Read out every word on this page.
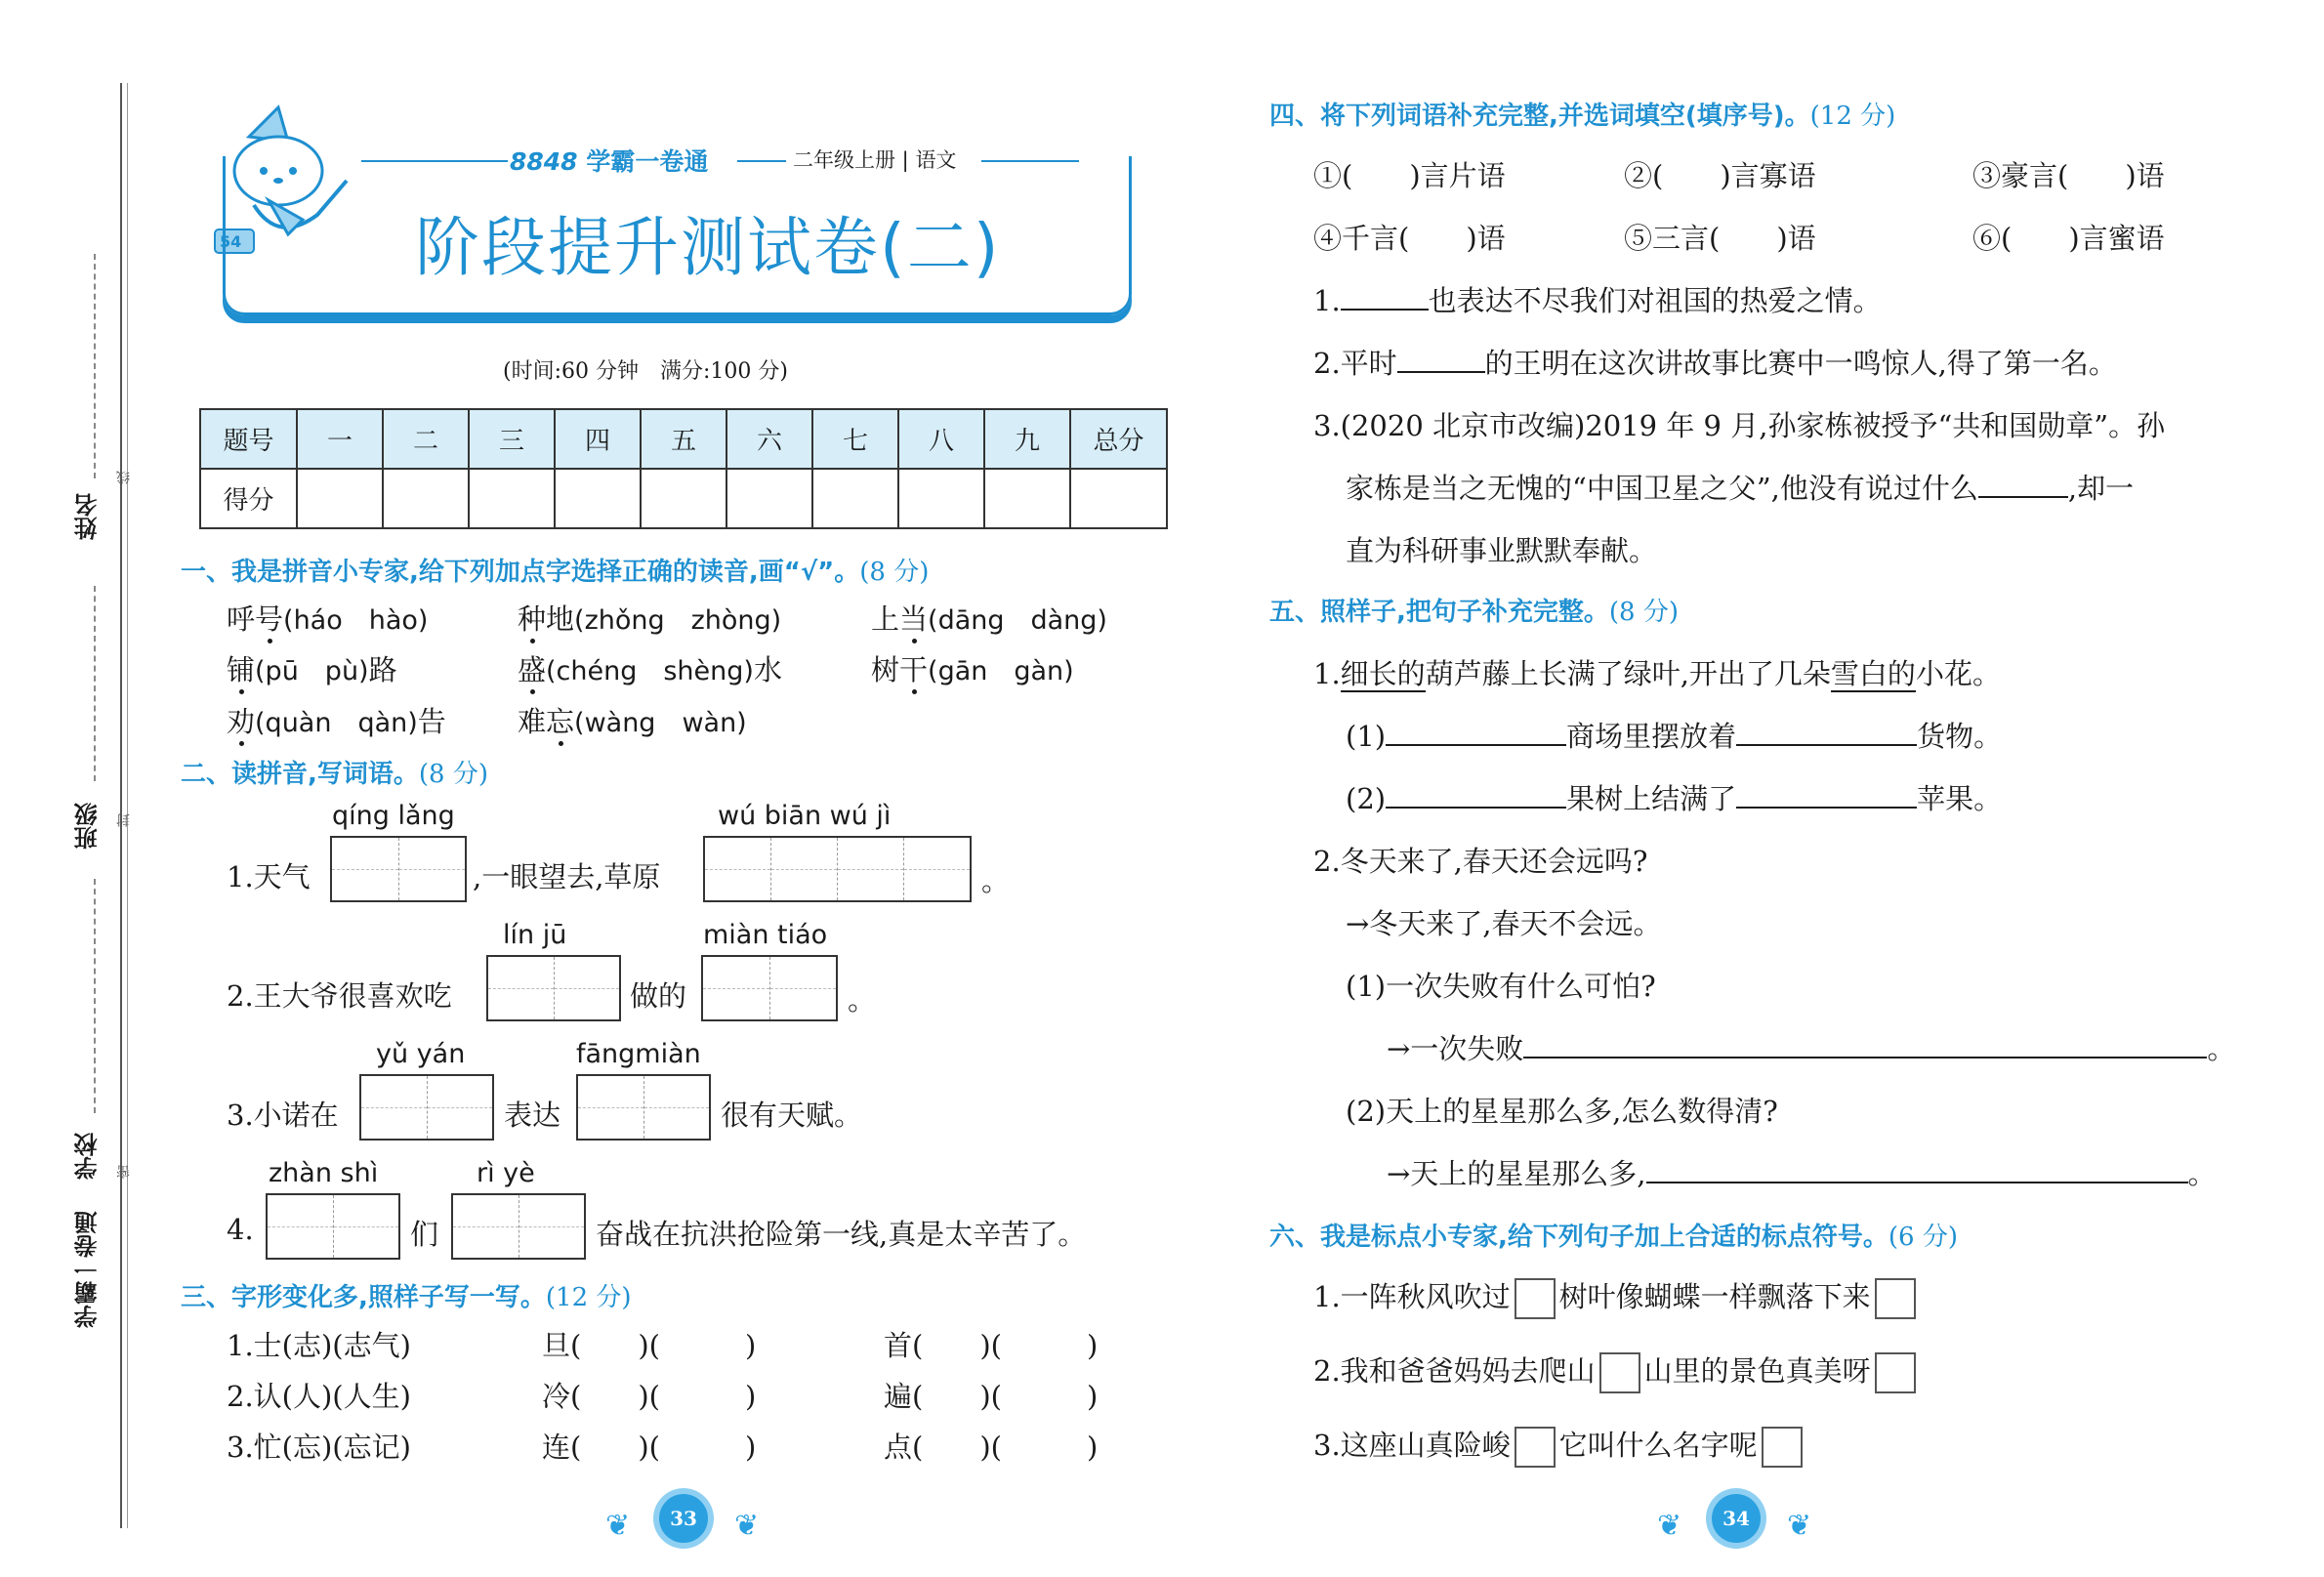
姓名
班级
学校
学霸一卷通
线
封
密
54
8848 学霸一卷通	二年级上册 | 语文
阶段提升测试卷(二)
(时间:60 分钟　满分:100 分)
题号	一	二	三	四	五	六	七	八	九	总分
得分										
一、我是拼音小专家,给下列加点字选择正确的读音,画“√”。(8 分)
呼号(háo　hào)	种地(zhǒng　zhòng)	上当(dāng　dàng)
铺(pū　pù)路	盛(chéng　shèng)水	树干(gān　gàn)
劝(quàn　qàn)告	难忘(wàng　wàn)
二、读拼音,写词语。(8 分)
qíng lǎng	wú biān wú jì
1.天气	,一眼望去,草原	。
lín jū	miàn tiáo
2.王大爷很喜欢吃	做的	。
yǔ yán	fāngmiàn
3.小诺在	表达	很有天赋。
zhàn shì	rì yè
4.	们	奋战在抗洪抢险第一线,真是太辛苦了。
三、字形变化多,照样子写一写。(12 分)
1.士(志)(志气)	旦(　　)(　　　)	首(　　)(　　　)
2.认(人)(人生)	冷(　　)(　　　)	遍(　　)(　　　)
3.忙(忘)(忘记)	连(　　)(　　　)	点(　　)(　　　)
33
❦	❦
四、将下列词语补充完整,并选词填空(填序号)。(12 分)
①(　　)言片语	②(　　)言寡语	③豪言(　　)语
④千言(　　)语	⑤三言(　　)语	⑥(　　)言蜜语
1.	也表达不尽我们对祖国的热爱之情。
2.平时	的王明在这次讲故事比赛中一鸣惊人,得了第一名。
3.(2020 北京市改编)2019 年 9 月,孙家栋被授予“共和国勋章”。孙
家栋是当之无愧的“中国卫星之父”,他没有说过什么	,却一
直为科研事业默默奉献。
五、照样子,把句子补充完整。(8 分)
1.细长的葫芦藤上长满了绿叶,开出了几朵雪白的小花。
(1)	商场里摆放着	货物。
(2)	果树上结满了	苹果。
2.冬天来了,春天还会远吗?
→冬天来了,春天不会远。
(1)一次失败有什么可怕?
→一次失败	。
(2)天上的星星那么多,怎么数得清?
→天上的星星那么多,	。
六、我是标点小专家,给下列句子加上合适的标点符号。(6 分)
1.一阵秋风吹过 树叶像蝴蝶一样飘落下来
2.我和爸爸妈妈去爬山 山里的景色真美呀
3.这座山真险峻 它叫什么名字呢
34
❦	❦
